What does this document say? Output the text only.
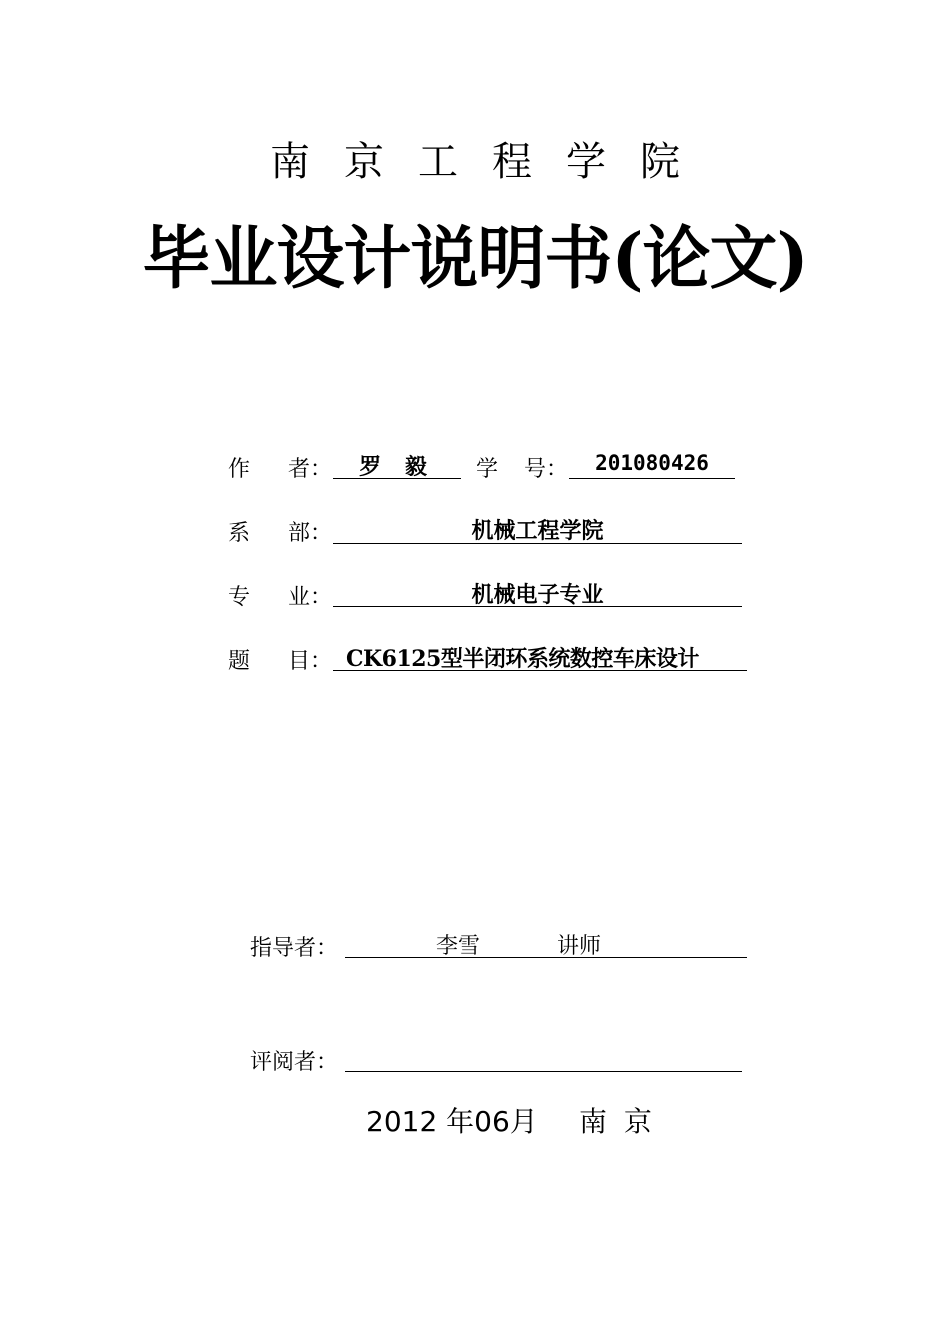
南京工程学院
毕业设计说明书(论文)
作 者：	罗 毅	学 号：	201080426
系 部：	机械工程学院
专 业：	机械电子专业
题 目： CK6125型半闭环系统数控车床设计
指导者：	李雪	讲师
评阅者：
2012 年06月 南 京
